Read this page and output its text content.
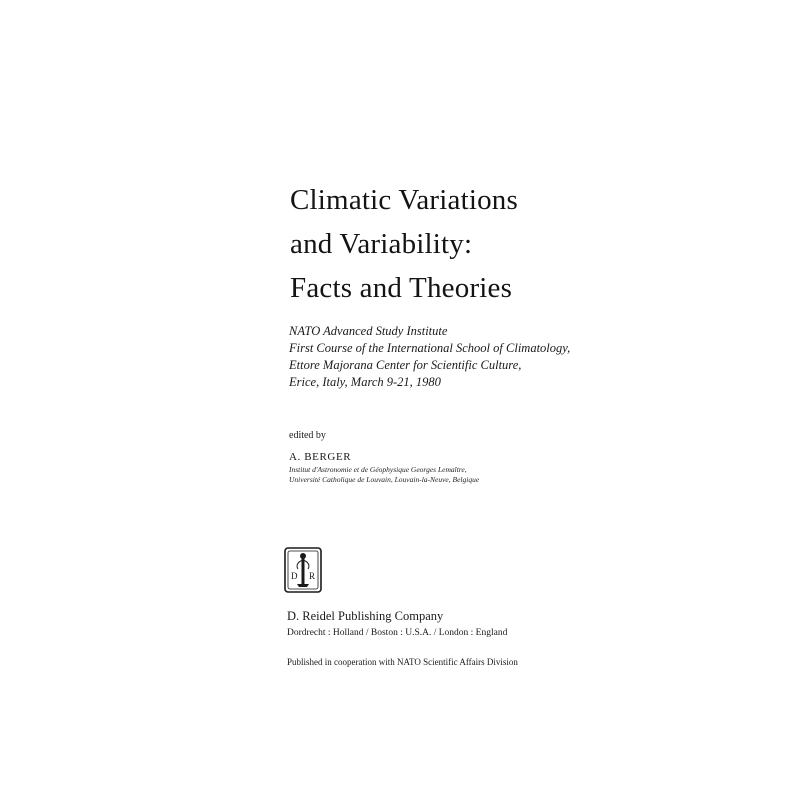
Climatic Variations
and Variability:
Facts and Theories
NATO Advanced Study Institute
First Course of the International School of Climatology,
Ettore Majorana Center for Scientific Culture,
Erice, Italy, March 9-21, 1980
edited by
A. BERGER
Institut d'Astronomie et de Géophysique Georges Lemaître,
Université Catholique de Louvain, Louvain-la-Neuve, Belgique
D R
D. Reidel Publishing Company
Dordrecht : Holland / Boston : U.S.A. / London : England
Published in cooperation with NATO Scientific Affairs Division
